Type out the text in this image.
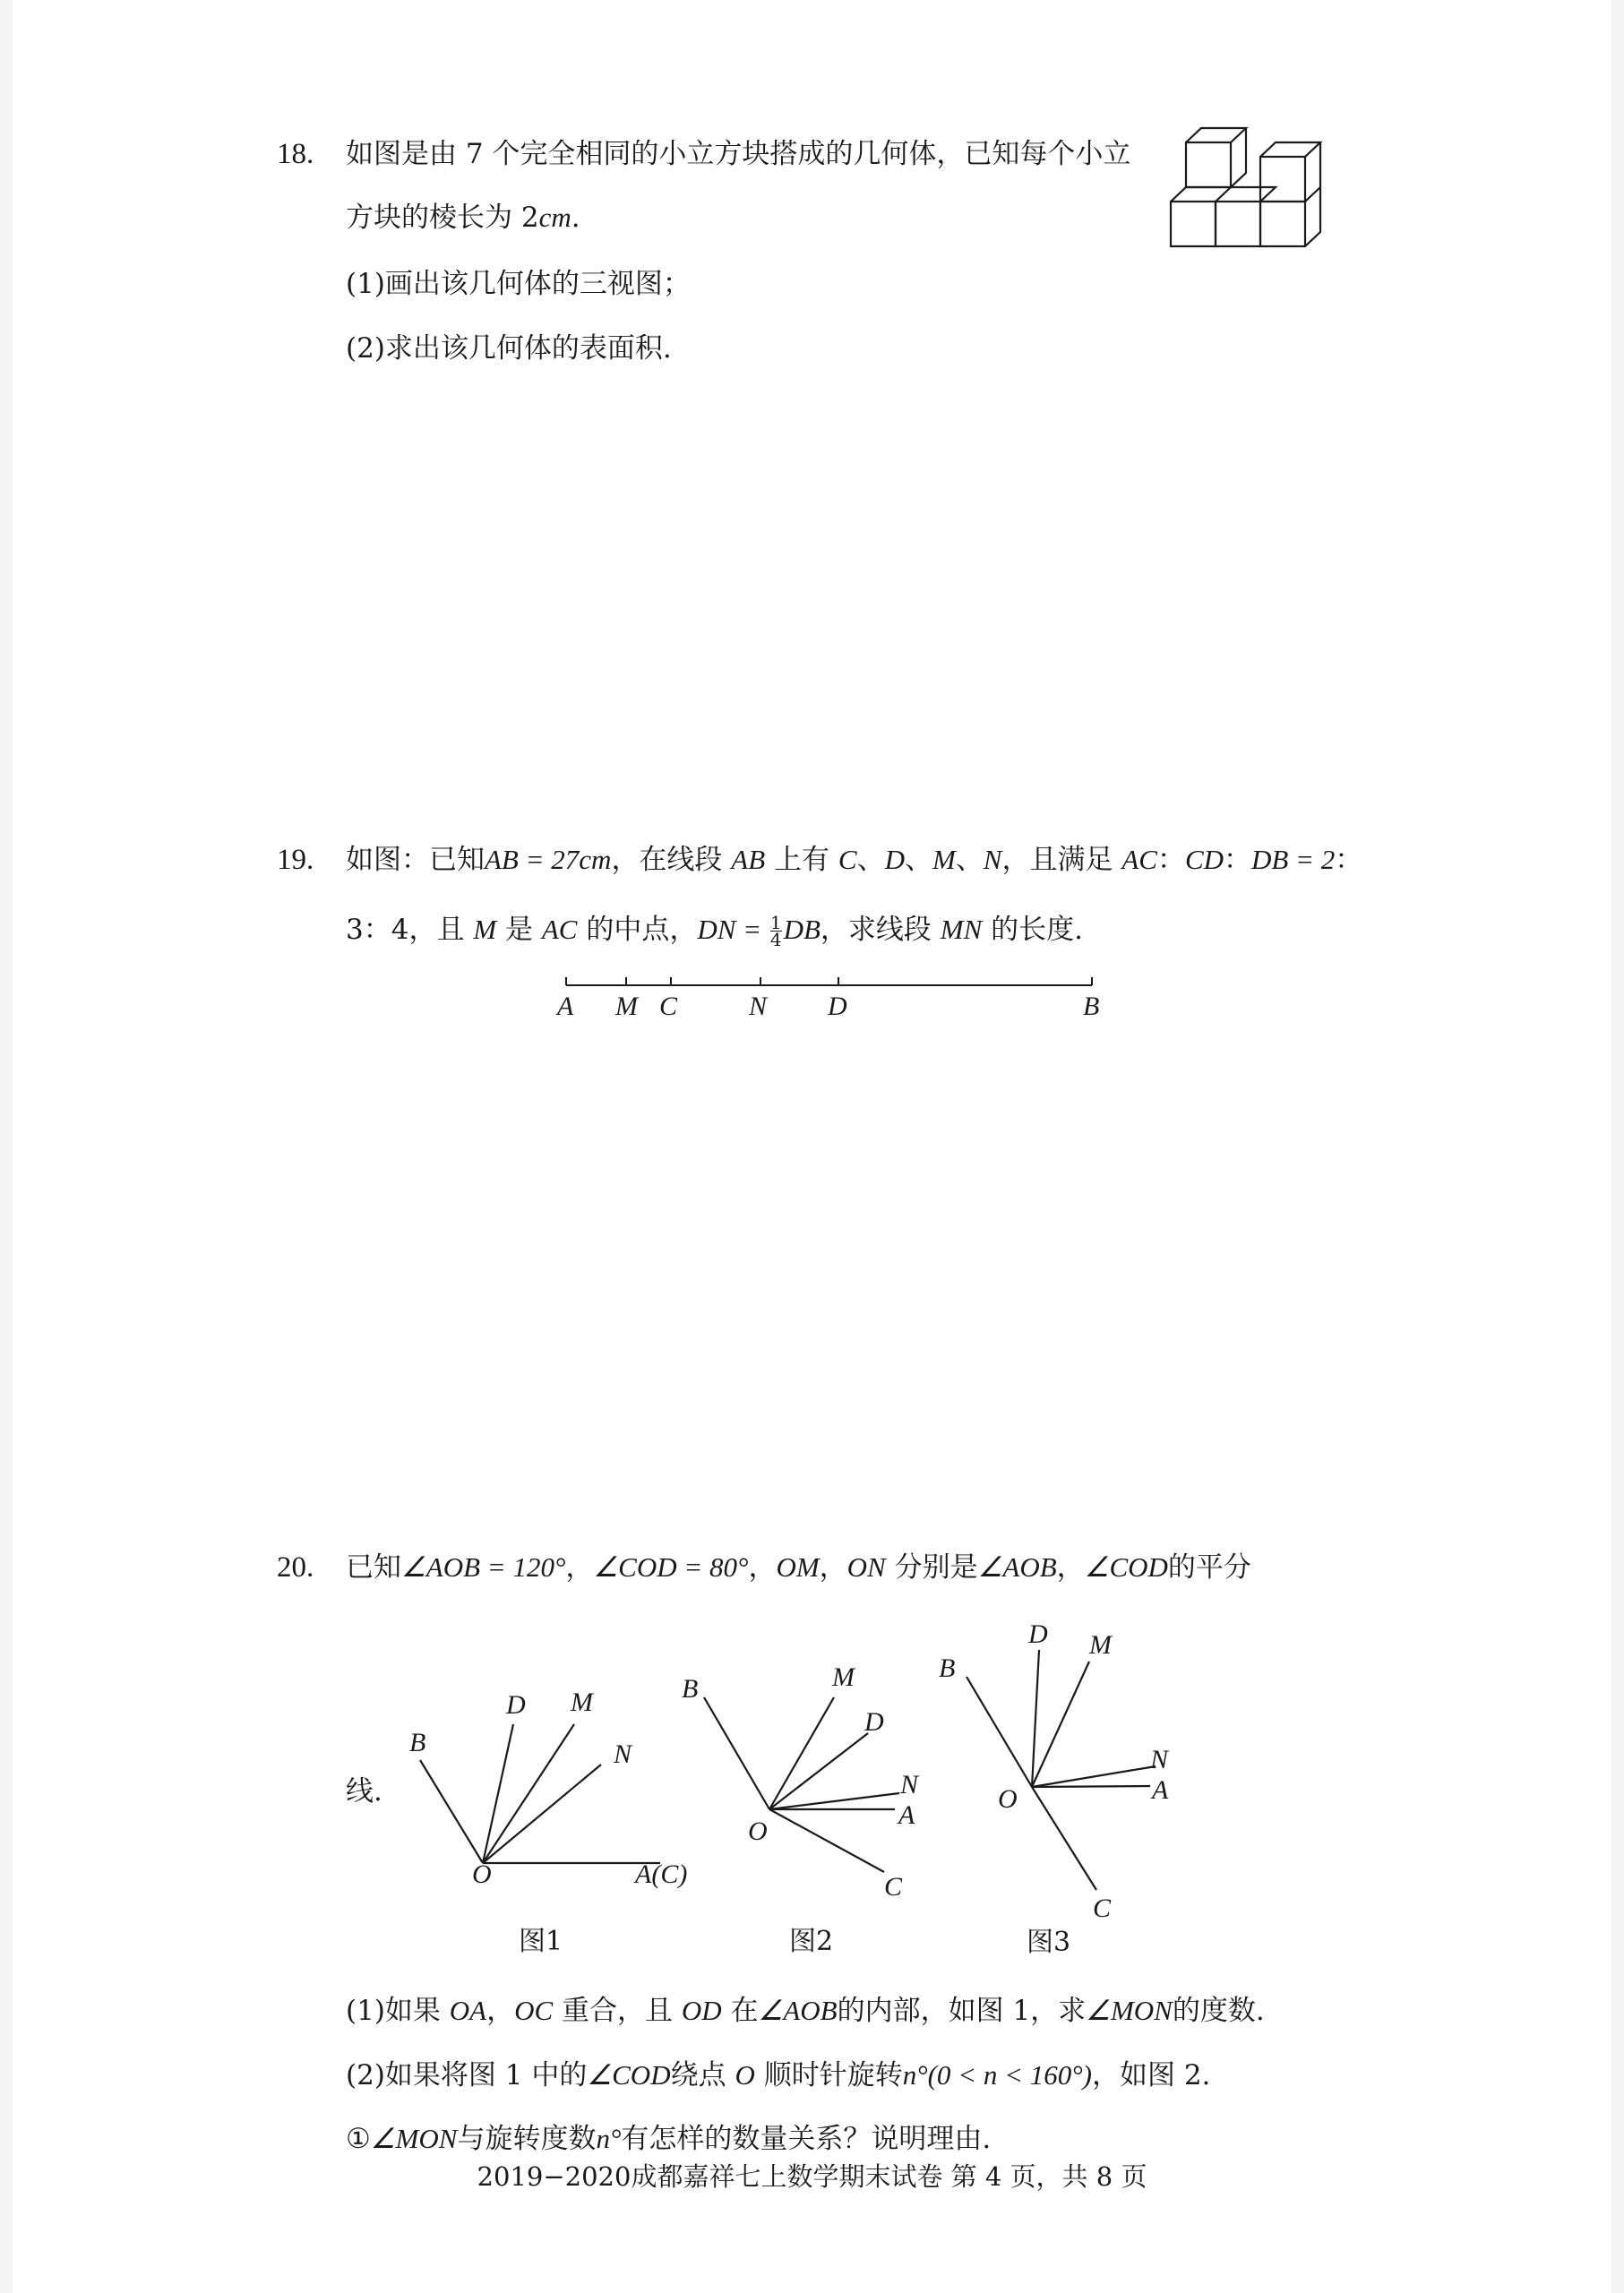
18. 如图是由 7 个完全相同的小立方块搭成的几何体，已知每个小立
方块的棱长为 2cm.
(1)画出该几何体的三视图；
(2)求出该几何体的表面积.
19. 如图：已知AB = 27cm，在线段 AB 上有 C、D、M、N，且满足 AC：CD：DB = 2：
3：4，且 M 是 AC 的中点，DN = $\frac{1}{4}$ DB，求线段 MN 的长度.
A M C	N D	B
20. 已知∠AOB = 120°，∠COD = 80°，OM，ON 分别是∠AOB，∠COD的平分
线.
B
D M
N
O	A(C)
图1
B	M
D
N
A
O
C
图2
B
D M
N
A
O
C
图3
(1)如果 OA，OC 重合，且 OD 在∠AOB的内部，如图 1，求∠MON的度数.
(2)如果将图 1 中的∠COD绕点 O 顺时针旋转n°(0 < n < 160°)，如图 2.
①∠MON与旋转度数n°有怎样的数量关系？说明理由.
2019−2020成都嘉祥七上数学期末试卷 第 4 页，共 8 页
